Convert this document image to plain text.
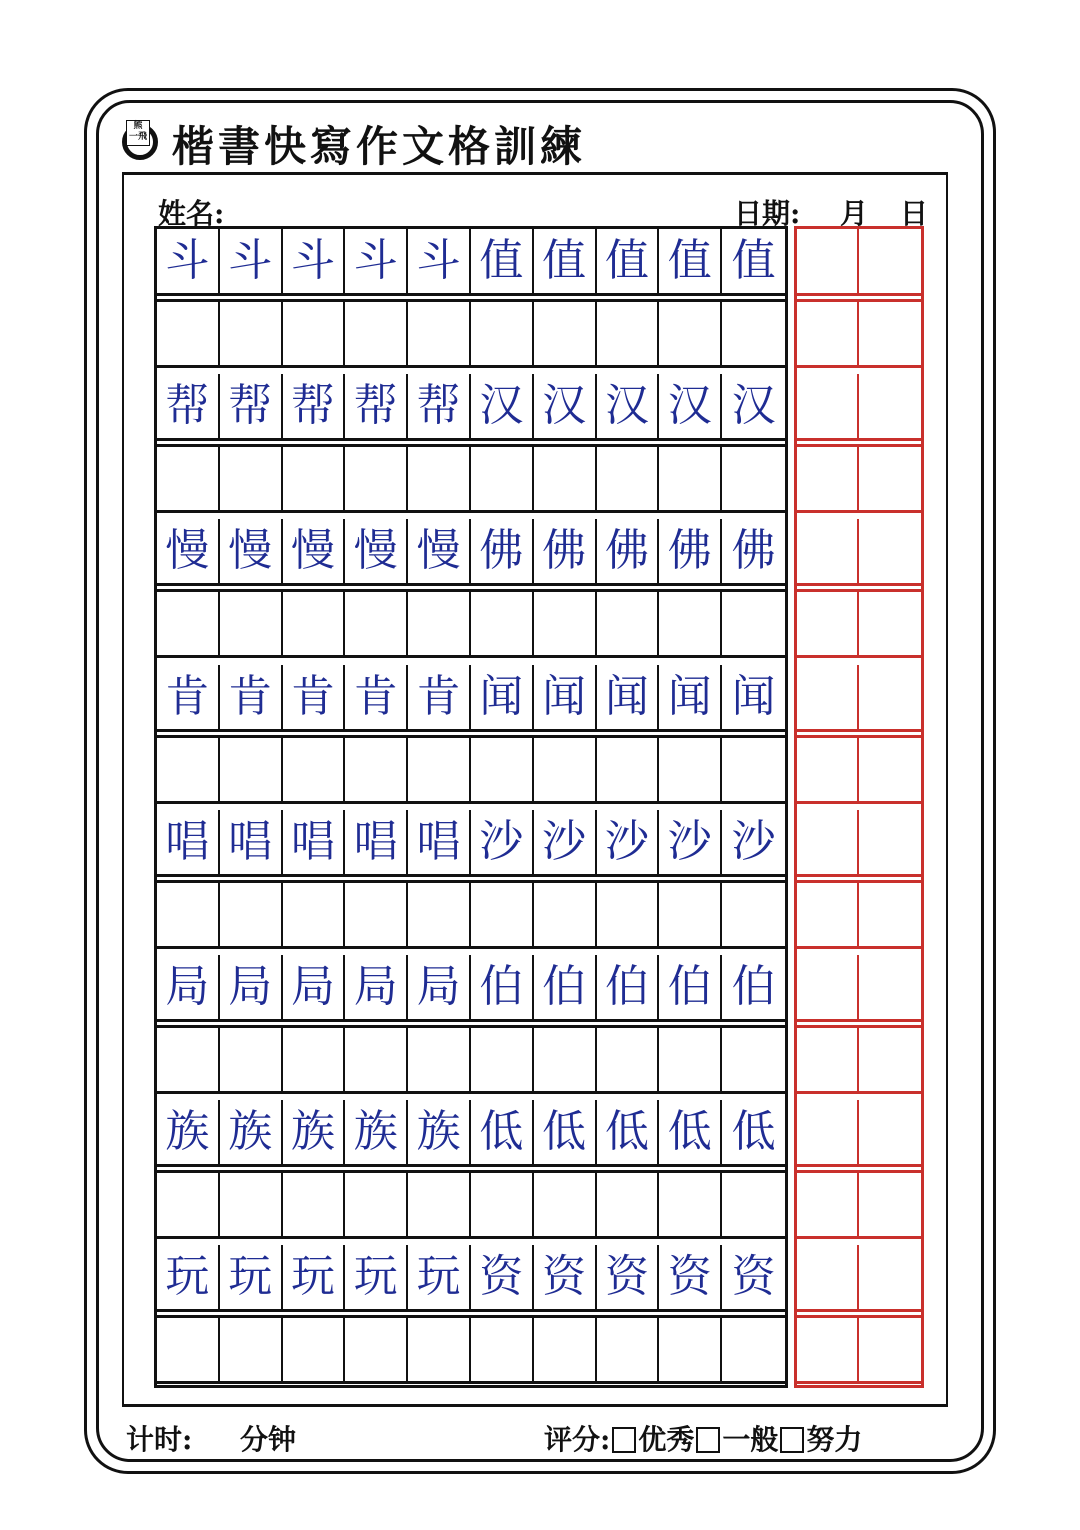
熊
一飛 楷書快寫作文格訓練
姓名:	日期: 月 日
斗 斗 斗 斗 斗 值 值 值 值 值
帮 帮 帮 帮 帮 汉 汉 汉 汉 汉
慢 慢 慢 慢 慢 佛 佛 佛 佛 佛
肯 肯 肯 肯 肯 闻 闻 闻 闻 闻
唱 唱 唱 唱 唱 沙 沙 沙 沙 沙
局 局 局 局 局 伯 伯 伯 伯 伯
族 族 族 族 族 低 低 低 低 低
玩 玩 玩 玩 玩 资 资 资 资 资
计时: 分钟	评分: 优秀 一般 努力
